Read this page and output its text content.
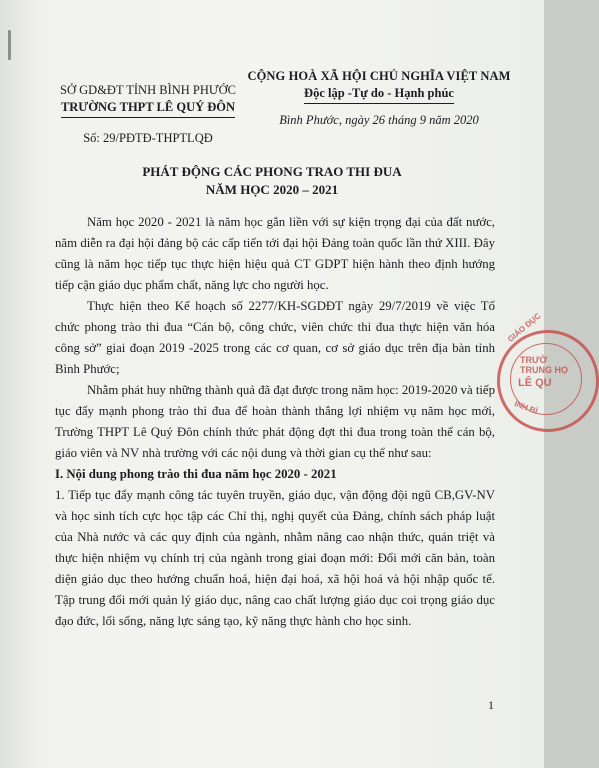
SỞ GD&ĐT TỈNH BÌNH PHƯỚC
TRƯỜNG THPT LÊ QUÝ ĐÔN
Số: 29/PĐTĐ-THPTLQĐ
CỘNG HOÀ XÃ HỘI CHỦ NGHĨA VIỆT NAM
Độc lập -Tự do - Hạnh phúc
Bình Phước, ngày 26 tháng 9 năm 2020
PHÁT ĐỘNG CÁC PHONG TRAO THI ĐUA
NĂM HỌC 2020 – 2021

Năm học 2020 - 2021 là năm học gắn liền với sự kiện trọng đại của đất nước, năm diễn ra đại hội đảng bộ các cấp tiến tới đại hội Đảng toàn quốc lần thứ XIII. Đây cũng là năm học tiếp tục thực hiện hiệu quả CT GDPT hiện hành theo định hướng tiếp cận giáo dục phẩm chất, năng lực cho người học.

Thực hiện theo Kế hoạch số 2277/KH-SGDĐT ngày 29/7/2019 về việc Tổ chức phong trào thi đua “Cán bộ, công chức, viên chức thi đua thực hiện văn hóa công sở” giai đoạn 2019 -2025 trong các cơ quan, cơ sở giáo dục trên địa bàn tỉnh Bình Phước;

Nhằm phát huy những thành quả đã đạt được trong năm học: 2019-2020 và tiếp tục đẩy mạnh phong trào thi đua để hoàn thành thắng lợi nhiệm vụ năm học mới, Trường THPT Lê Quý Đôn chính thức phát động đợt thi đua trong toàn thể cán bộ, giáo viên và NV nhà trường với các nội dung và thời gian cụ thể như sau:

I. Nội dung phong trào thi đua năm học 2020 - 2021

1. Tiếp tục đẩy mạnh công tác tuyên truyền, giáo dục, vận động đội ngũ CB,GV-NV và học sinh tích cực học tập các Chỉ thị, nghị quyết của Đảng, chính sách pháp luật của Nhà nước và các quy định của ngành, nhằm nâng cao nhận thức, quán triệt và thực hiện nhiệm vụ chính trị của ngành trong giai đoạn mới: Đổi mới căn bản, toàn diện giáo dục theo hướng chuẩn hoá, hiện đại hoá, xã hội hoá và hội nhập quốc tế. Tập trung đổi mới quản lý giáo dục, nâng cao chất lượng giáo dục coi trọng giáo dục đạo đức, lối sống, năng lực sáng tạo, kỹ năng thực hành cho học sinh.

1
GIÁO DỤC
TRƯỜ
TRUNG HỌ
LÊ QU
ỈNH BÌ
